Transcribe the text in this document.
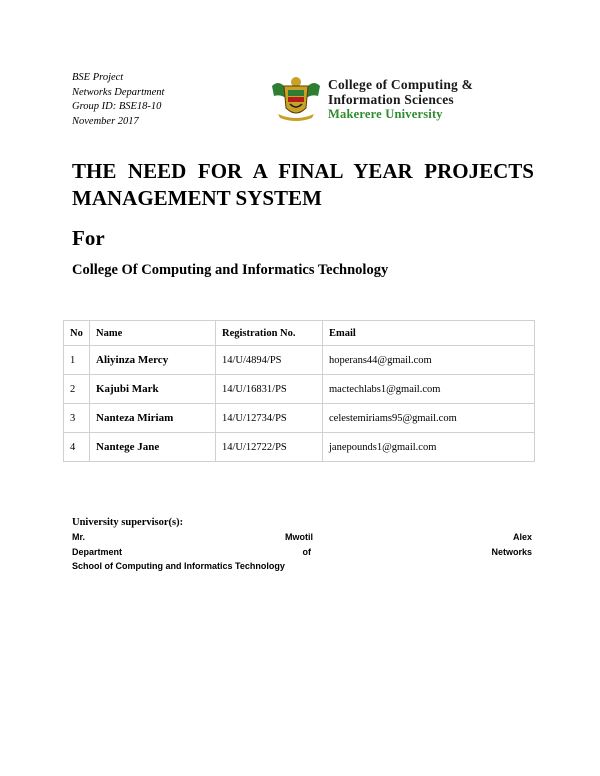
BSE Project
Networks Department
Group ID: BSE18-10
November 2017
College of Computing &
Information Sciences
Makerere University
THE NEED FOR A FINAL YEAR PROJECTS
MANAGEMENT SYSTEM
For
College Of Computing and Informatics Technology
No	Name	Registration No.	Email
1	Aliyinza Mercy	14/U/4894/PS	hoperans44@gmail.com
2	Kajubi Mark	14/U/16831/PS	mactechlabs1@gmail.com
3	Nanteza Miriam	14/U/12734/PS	celestemiriams95@gmail.com
4	Nantege Jane	14/U/12722/PS	janepounds1@gmail.com
University supervisor(s):
Mr.	Mwotil	Alex
Department	of	Networks
School of Computing and Informatics Technology
